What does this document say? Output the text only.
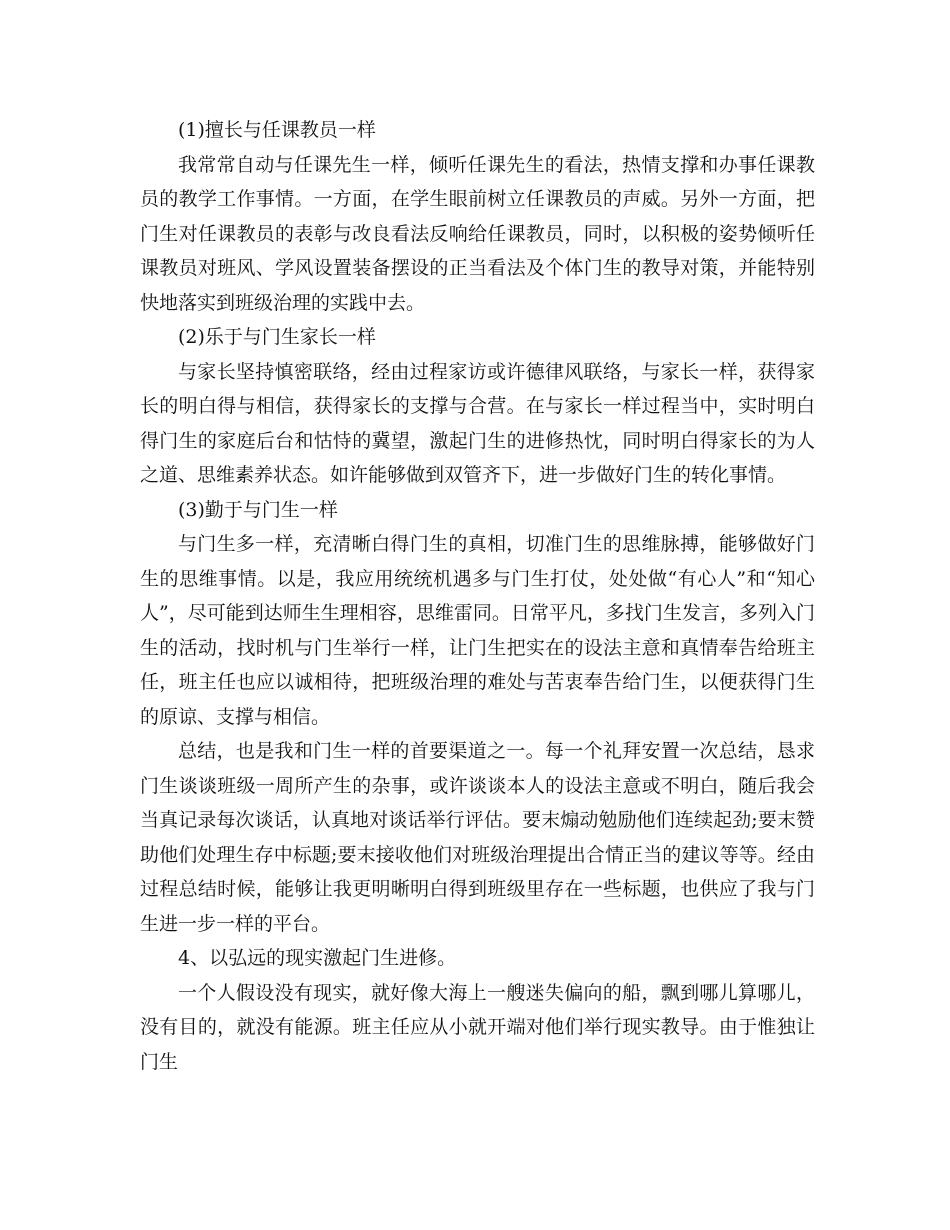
(1)擅长与任课教员一样

我常常自动与任课先生一样，倾听任课先生的看法，热情支撑和办事任课教员的教学工作事情。一方面，在学生眼前树立任课教员的声威。另外一方面，把门生对任课教员的表彰与改良看法反响给任课教员，同时，以积极的姿势倾听任课教员对班风、学风设置装备摆设的正当看法及个体门生的教导对策，并能特别快地落实到班级治理的实践中去。

(2)乐于与门生家长一样

与家长坚持慎密联络，经由过程家访或许德律风联络，与家长一样，获得家长的明白得与相信，获得家长的支撑与合营。在与家长一样过程当中，实时明白得门生的家庭后台和怙恃的冀望，激起门生的进修热忱，同时明白得家长的为人之道、思维素养状态。如许能够做到双管齐下，进一步做好门生的转化事情。

(3)勤于与门生一样

与门生多一样，充清晰白得门生的真相，切准门生的思维脉搏，能够做好门生的思维事情。以是，我应用统统机遇多与门生打仗，处处做“有心人”和“知心人”，尽可能到达师生生理相容，思维雷同。日常平凡，多找门生发言，多列入门生的活动，找时机与门生举行一样，让门生把实在的设法主意和真情奉告给班主任，班主任也应以诚相待，把班级治理的难处与苦衷奉告给门生，以便获得门生的原谅、支撑与相信。

总结，也是我和门生一样的首要渠道之一。每一个礼拜安置一次总结，恳求门生谈谈班级一周所产生的杂事，或许谈谈本人的设法主意或不明白，随后我会当真记录每次谈话，认真地对谈话举行评估。要末煽动勉励他们连续起劲;要末赞助他们处理生存中标题;要末接收他们对班级治理提出合情正当的建议等等。经由过程总结时候，能够让我更明晰明白得到班级里存在一些标题，也供应了我与门生进一步一样的平台。

4、以弘远的现实激起门生进修。

一个人假设没有现实，就好像大海上一艘迷失偏向的船，飘到哪儿算哪儿，没有目的，就没有能源。班主任应从小就开端对他们举行现实教导。由于惟独让门生
